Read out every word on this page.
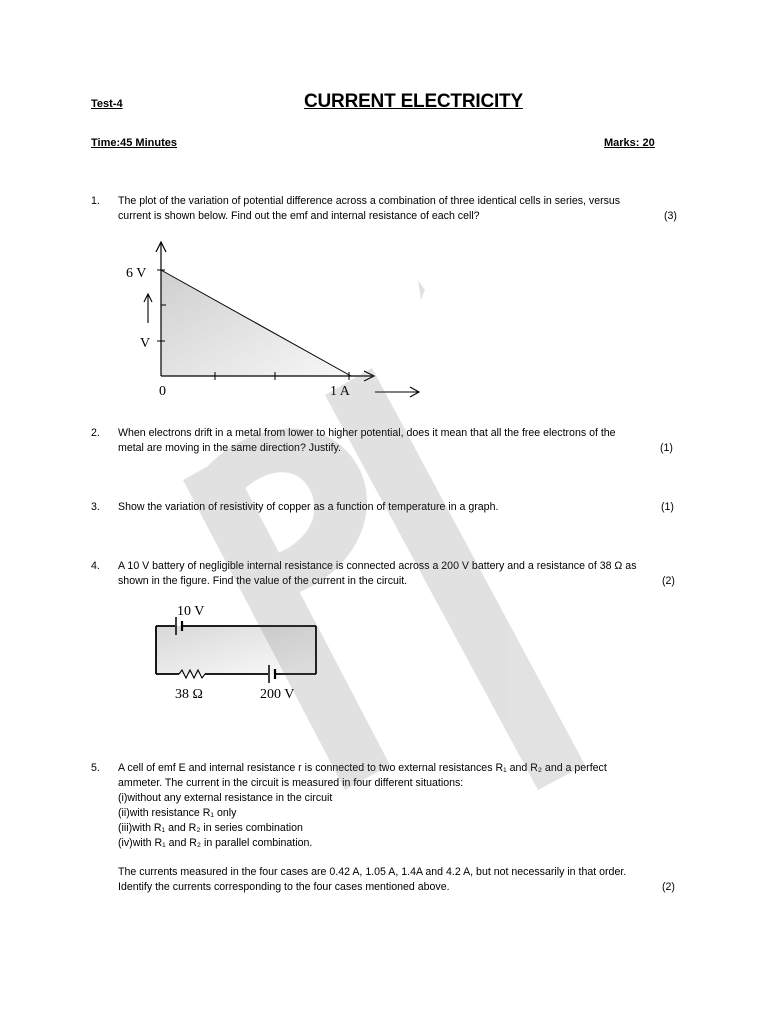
Test-4	CURRENT ELECTRICITY
Time:45 Minutes	Marks: 20
1. The plot of the variation of potential difference across a combination of three identical cells in series, versus
current is shown below. Find out the emf and internal resistance of each cell?	(3)
6 V
V
0	1 A
2. When electrons drift in a metal from lower to higher potential, does it mean that all the free electrons of the
metal are moving in the same direction? Justify.	(1)
3. Show the variation of resistivity of copper as a function of temperature in a graph.	(1)
4. A 10 V battery of negligible internal resistance is connected across a 200 V battery and a resistance of 38 Ω as
shown in the figure. Find the value of the current in the circuit.	(2)
10 V
38 Ω	200 V
5. A cell of emf E and internal resistance r is connected to two external resistances R₁ and R₂ and a perfect
ammeter. The current in the circuit is measured in four different situations:
(i)without any external resistance in the circuit
(ii)with resistance R₁ only
(iii)with R₁ and R₂ in series combination
(iv)with R₁ and R₂ in parallel combination.
The currents measured in the four cases are 0.42 A, 1.05 A, 1.4A and 4.2 A, but not necessarily in that order.
Identify the currents corresponding to the four cases mentioned above.	(2)
